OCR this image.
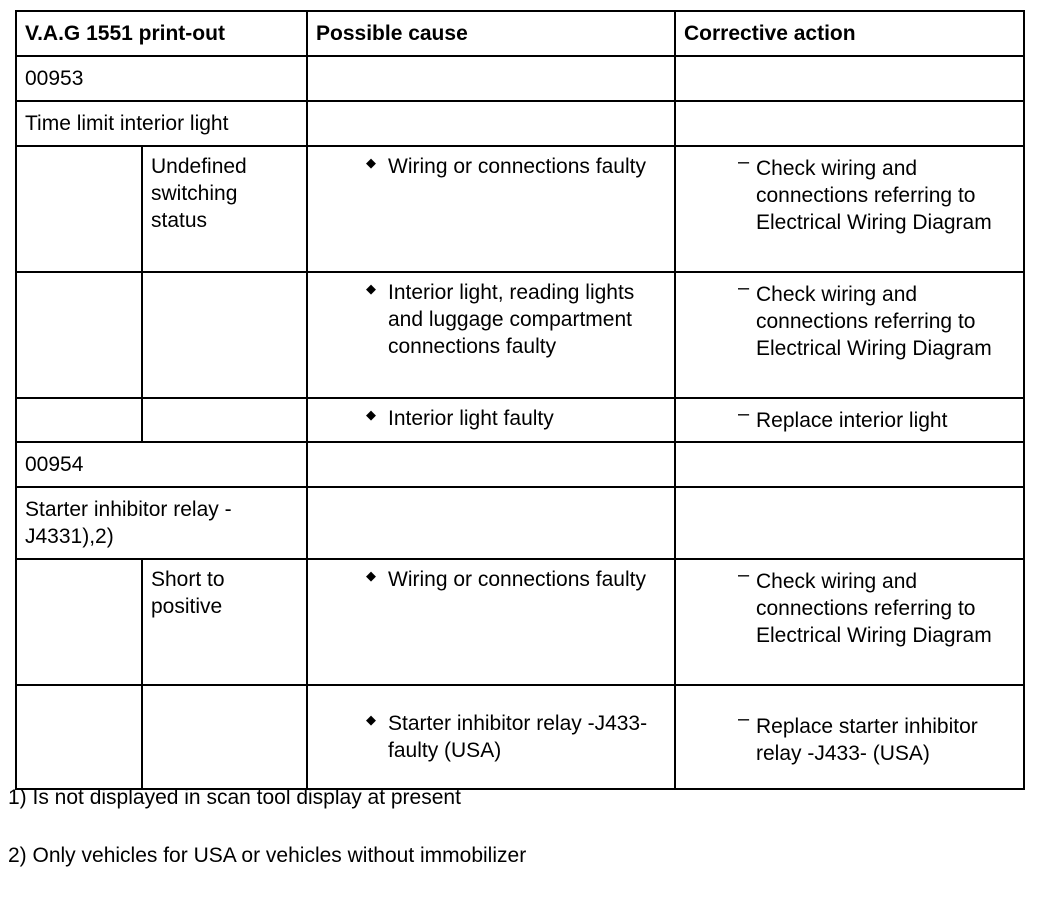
V.A.G 1551 print-out		Possible cause	Corrective action
00953			
Time limit interior light			
	Undefined switching status	◆ Wiring or connections faulty	– Check wiring and connections referring to Electrical Wiring Diagram

		◆ Interior light, reading lights and luggage compartment connections faulty	– Check wiring and connections referring to Electrical Wiring Diagram

		◆ Interior light faulty	– Replace interior light

00954			
Starter inhibitor relay -J4331),2)			
	Short to positive	◆ Wiring or connections faulty	– Check wiring and connections referring to Electrical Wiring Diagram

		◆ Starter inhibitor relay -J433- faulty (USA)	– Replace starter inhibitor relay -J433- (USA)

1) Is not displayed in scan tool display at present

2) Only vehicles for USA or vehicles without immobilizer
